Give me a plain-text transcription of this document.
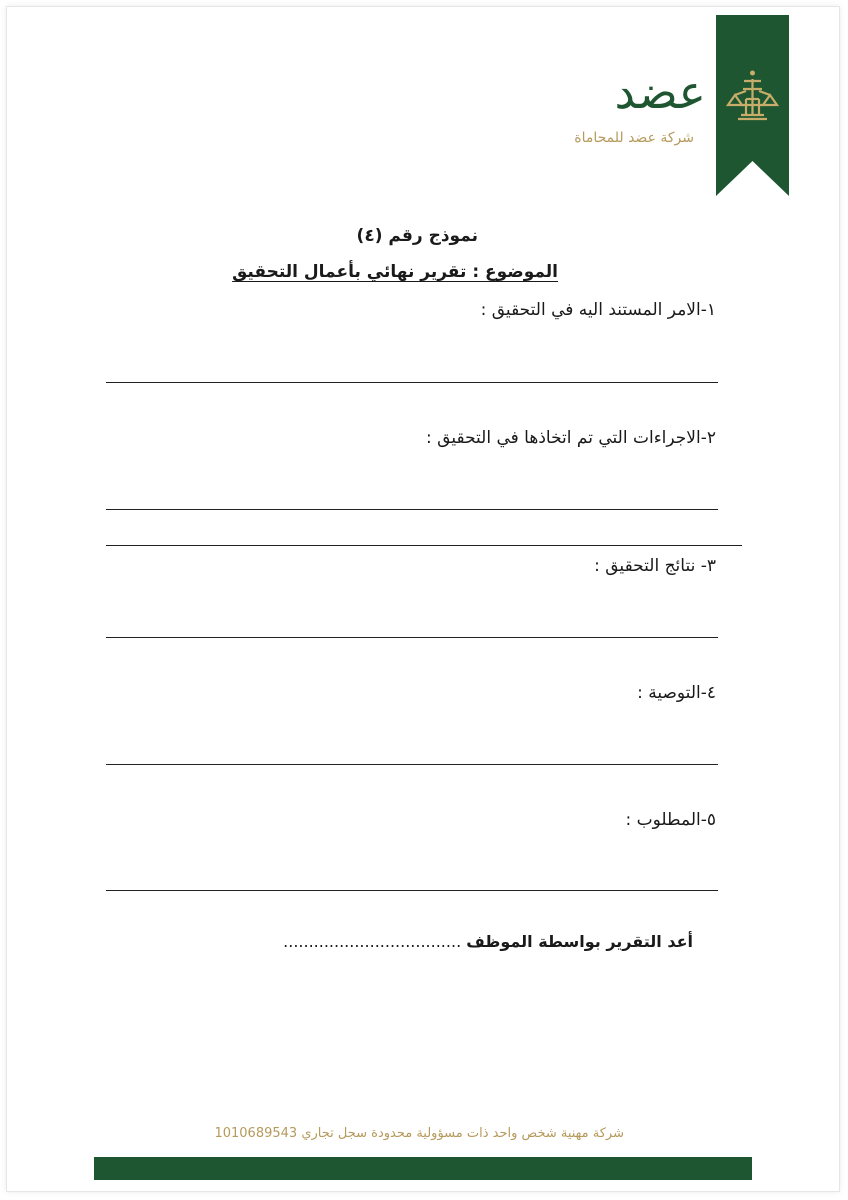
عضد
شركة عضد للمحاماة
نموذج رقم (٤)
الموضوع : تقرير نهائي بأعمال التحقيق
١-الامر المستند اليه في التحقيق :
٢-الاجراءات التي تم اتخاذها في التحقيق :
٣- نتائج التحقيق :
٤-التوصية :
٥-المطلوب :
أعد التقرير بواسطة الموظف ...................................
شركة مهنية شخص واحد ذات مسؤولية محدودة سجل تجاري 1010689543
